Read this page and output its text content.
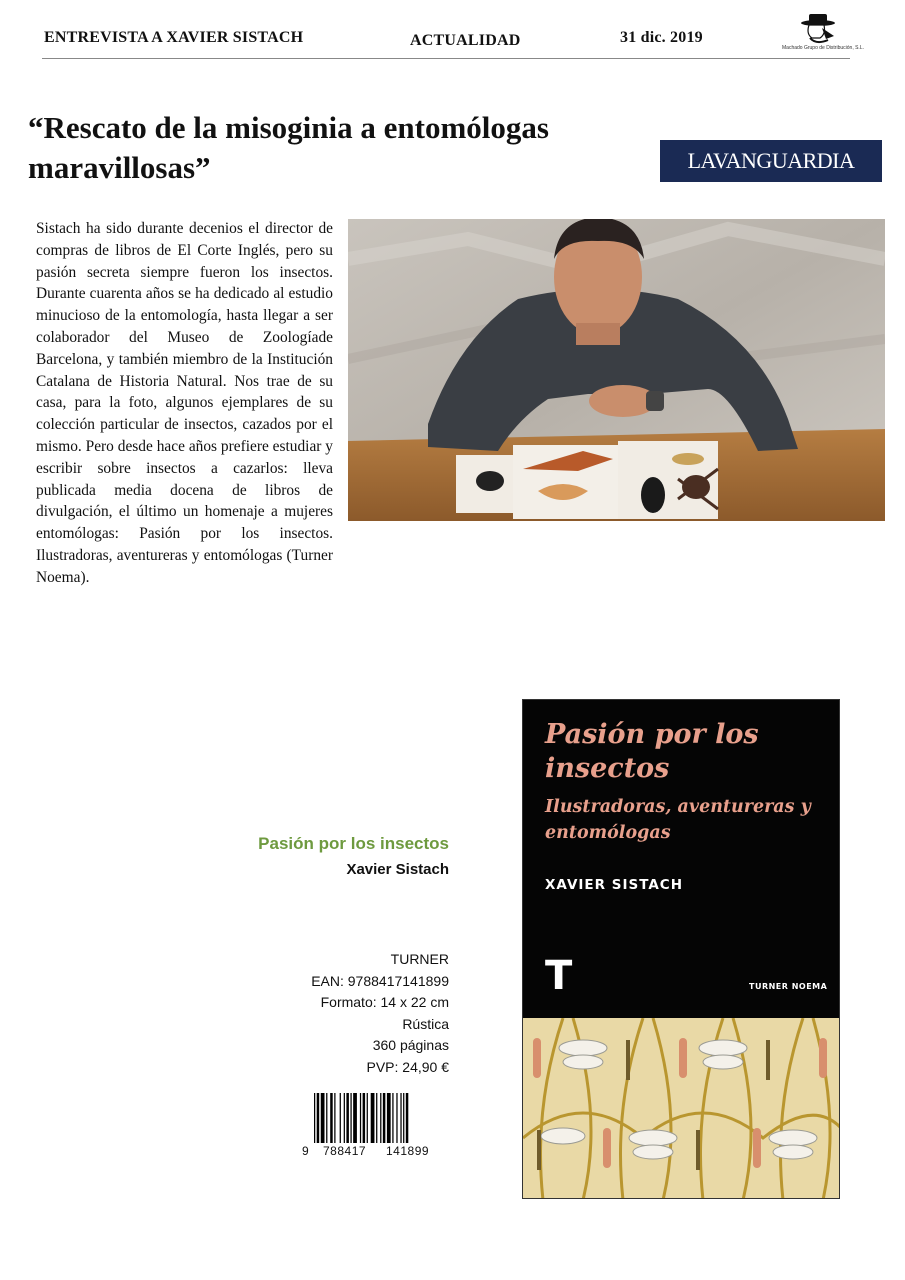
ENTREVISTA A XAVIER SISTACH	ACTUALIDAD	31 dic. 2019
Machado Grupo de Distribución, S.L.
“Rescato de la misoginia a entomólogas maravillosas”	LAVANGUARDIA

Sistach ha sido durante decenios el director de compras de libros de El Corte Inglés, pero su pasión secreta siempre fueron los insectos. Durante cuarenta años se ha dedicado al estudio minucioso de la entomología, hasta llegar a ser colaborador del Museo de Zoologíade Barcelona, y también miembro de la Institución Catalana de Historia Natural. Nos trae de su casa, para la foto, algunos ejemplares de su colección particular de insectos, cazados por el mismo. Pero desde hace años prefiere estudiar y escribir sobre insectos a cazarlos: lleva publicada media docena de libros de divulgación, el último un homenaje a mujeres entomólogas: Pasión por los insectos. Ilustradoras, aventureras y entomólogas (Turner Noema).

Pasión por los insectos
Xavier Sistach
TURNER
EAN: 9788417141899
Formato: 14 x 22 cm
Rústica
360 páginas
PVP: 24,90 €
9 788417 141899
Pasión por los insectos
Ilustradoras, aventureras y entomólogas
XAVIER SISTACH
T	TURNER NOEMA
